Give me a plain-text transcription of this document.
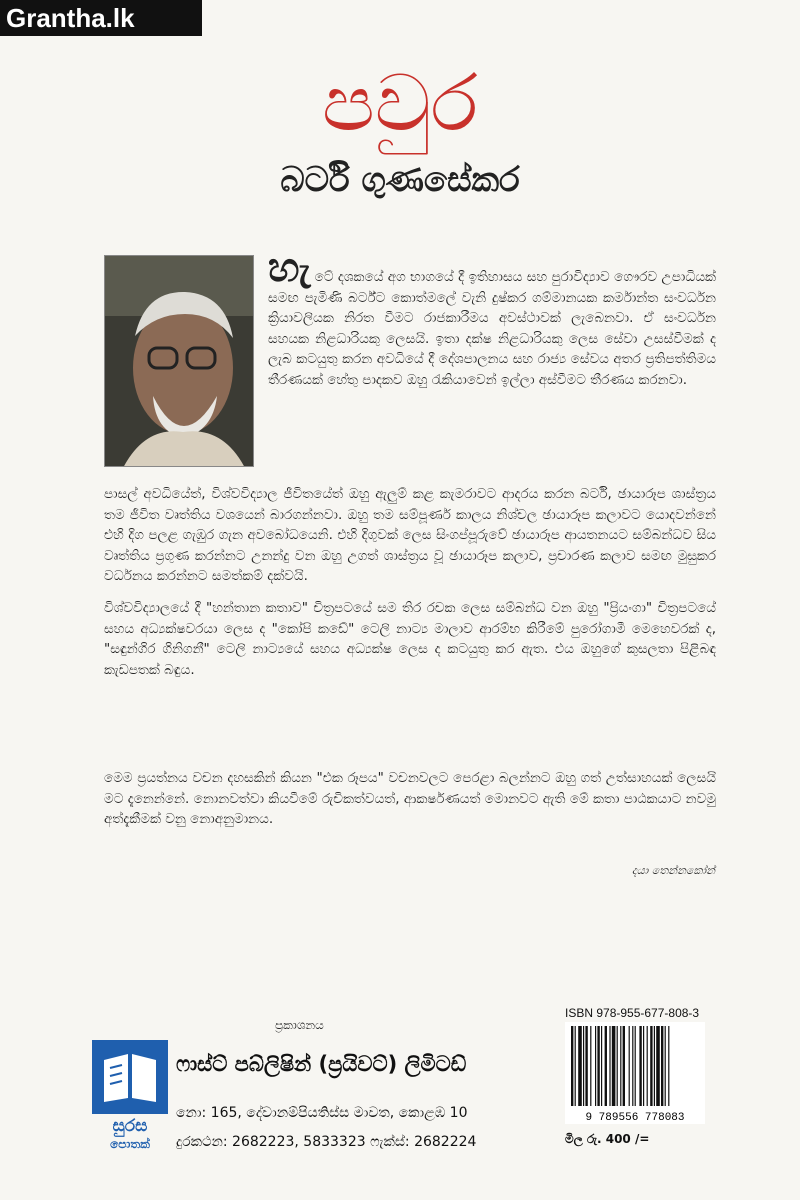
Grantha.lk
පවුර
බර්ටි ගුණසේකර
හැටේ දශකයේ අග භාගයේ දී ඉතිහාසය සහ පුරාවිද්‍යාව ගෞරව උපාධියක් සමඟ පැමිණි බර්ට්ට කොත්මලේ වැනි දුෂ්කර ගම්මානයක කර්මාන්ත සංවර්ධන ක්‍රියාවලියක නිරත වීමට රාජකාරීමය අවස්ථාවක් ලැබෙනවා. ඒ සංවර්ධන සහයක නිළධාරියකු ලෙසයි. ඉතා දක්ෂ නිළධාරියකු ලෙස සේවා උසස්වීමක් ද ලැබ කටයුතු කරන අවධියේ දී දේශපාලනය සහ රාජ්‍ය සේවය අතර ප්‍රතිපත්තිමය තීරණයක් හේතු පාදකව ඔහු රැකියාවෙන් ඉල්ලා අස්වීමට තීරණය කරනවා.
පාසල් අවධියේත්, විශ්වවිද්‍යාල ජීවිතයේත් ඔහු ඇලුම් කළ කැමරාවට ආදරය කරන බර්ටි, ඡායාරූප ශාස්ත්‍රය තම ජීවිත වෘත්තිය වශයෙන් බාරගන්නවා. ඔහු තම සම්පූර්ණ කාලය නිශ්චල ඡායාරූප කලාවට යොදවන්නේ එහි දිග පලළ ගැඹුර ගැන අවබෝධයෙනි. එහි දිගුවක් ලෙස සිංගප්පූරුවේ ඡායාරූප ආයතනයට සම්බන්ධව සිය වෘත්තිය ප්‍රගුණ කරන්නට උනන්දු වන ඔහු උගත් ශාස්ත්‍රය වූ ඡායාරූප කලාව, ප්‍රචාරණ කලාව සමඟ මුසුකර වර්ධනය කරන්නට සමත්කම් දක්වයි.
විශ්වවිද්‍යාලයේ දී "හන්තාන කතාව" චිත්‍රපටයේ සම තිර රචක ලෙස සම්බන්ධ වන ඔහු "ප්‍රියංගා" චිත්‍රපටයේ සහය අධ්‍යක්ෂවරයා ලෙස ද "කෝපි කඩේ" ටෙලි නාට්‍ය මාලාව ආරම්භ කිරීමේ පුරෝගාමී මෙහෙවරක් ද, "සඳුන්ගිර ගිනිගනී" ටෙලි නාට්‍යයේ සහය අධ්‍යක්ෂ ලෙස ද කටයුතු කර ඇත. එය ඔහුගේ කුසලතා පිළිබඳ කැඩපතක් බඳුය.
මෙම ප්‍රයත්නය වචන දහසකින් කියන "එක රූපය" වචනවලට පෙරළා බලන්නට ඔහු ගත් උත්සාහයක් ලෙසයි මට දැනෙන්නේ. නොනවත්වා කියවීමේ රුචිකත්වයත්, ආකර්ෂණයත් මොනවට ඇති මේ කතා පාඨකයාට නවමු අත්දැකීමක් වනු නොඅනුමානය.
දයා තෙන්නකෝන්
සුරස
පොතක්
ප්‍රකාශනය
ෆාස්ට් පබ්ලිෂින් (ප්‍රයිවට්) ලිමිටඩ්
නො: 165, දේවානම්පියතිස්ස මාවත, කොළඹ 10
දුරකථන: 2682223, 5833323 ෆැක්ස්: 2682224
ISBN 978-955-677-808-3
9 789556 778083
මිල රු. 400 /=
